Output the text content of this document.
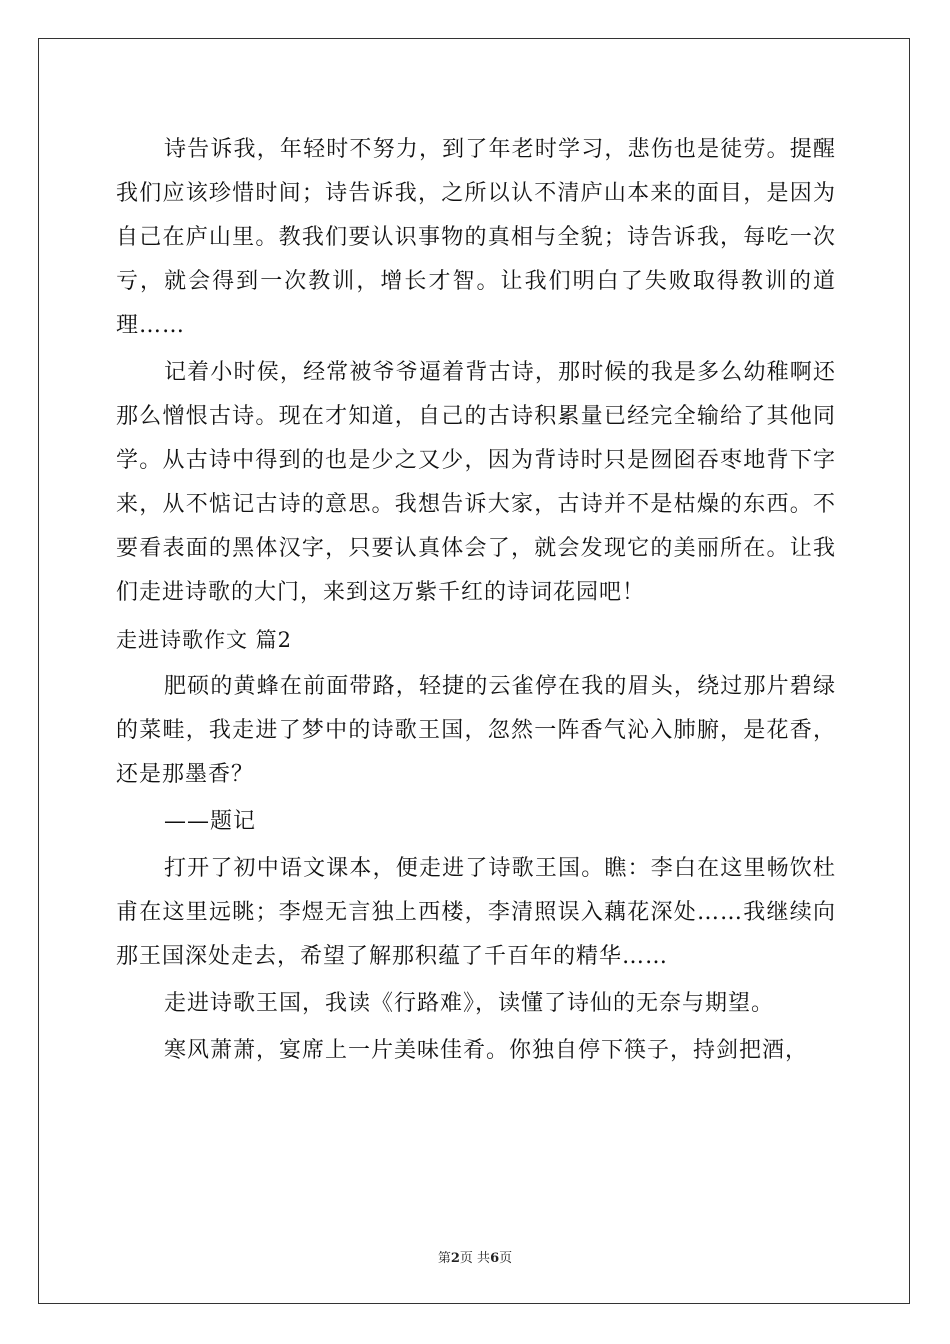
诗告诉我，年轻时不努力，到了年老时学习，悲伤也是徒劳。提醒我们应该珍惜时间；诗告诉我，之所以认不清庐山本来的面目，是因为自己在庐山里。教我们要认识事物的真相与全貌；诗告诉我，每吃一次亏，就会得到一次教训，增长才智。让我们明白了失败取得教训的道理……

记着小时侯，经常被爷爷逼着背古诗，那时候的我是多么幼稚啊还那么憎恨古诗。现在才知道，自己的古诗积累量已经完全输给了其他同学。从古诗中得到的也是少之又少，因为背诗时只是囫囵吞枣地背下字来，从不惦记古诗的意思。我想告诉大家，古诗并不是枯燥的东西。不要看表面的黑体汉字，只要认真体会了，就会发现它的美丽所在。让我们走进诗歌的大门，来到这万紫千红的诗词花园吧！

走进诗歌作文 篇2

肥硕的黄蜂在前面带路，轻捷的云雀停在我的眉头，绕过那片碧绿的菜畦，我走进了梦中的诗歌王国，忽然一阵香气沁入肺腑，是花香，还是那墨香？

——题记

打开了初中语文课本，便走进了诗歌王国。瞧：李白在这里畅饮杜甫在这里远眺；李煜无言独上西楼，李清照误入藕花深处……我继续向那王国深处走去，希望了解那积蕴了千百年的精华……

走进诗歌王国，我读《行路难》，读懂了诗仙的无奈与期望。

寒风萧萧，宴席上一片美味佳肴。你独自停下筷子，持剑把酒，

第2页 共6页
